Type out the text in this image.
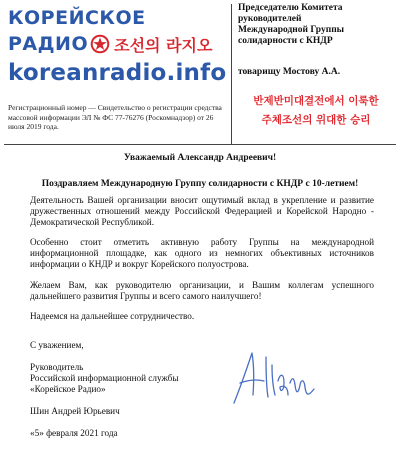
КОРЕЙСКОЕ
РАДИО 조선의 라지오
koreanradio.info
Регистрационный номер — Свидетельство о регистрации средства массовой информации ЭЛ № ФС 77-76276 (Роскомнадзор) от 26 июля 2019 года.
Председателю Комитета
руководителей
Международной Группы
солидарности с КНДР
товарищу Мостову А.А.
반제반미대결전에서 이룩한
주체조선의 위대한 승리
Уважаемый Александр Андреевич!
Поздравляем Международную Группу солидарности с КНДР с 10-летием!
Деятельность Вашей организации вносит ощутимый вклад в укрепление и развитие дружественных отношений между Российской Федерацией и Корейской Народно - Демократической Республикой.
Особенно стоит отметить активную работу Группы на международной информационной площадке, как одного из немногих объективных источников информации о КНДР и вокруг Корейского полуострова.
Желаем Вам, как руководителю организации, и Вашим коллегам успешного дальнейшего развития Группы и всего самого наилучшего!
Надеемся на дальнейшее сотрудничество.
С уважением,
Руководитель
Российской информационной службы
«Корейское Радио»
Шин Андрей Юрьевич
«5» февраля 2021 года
